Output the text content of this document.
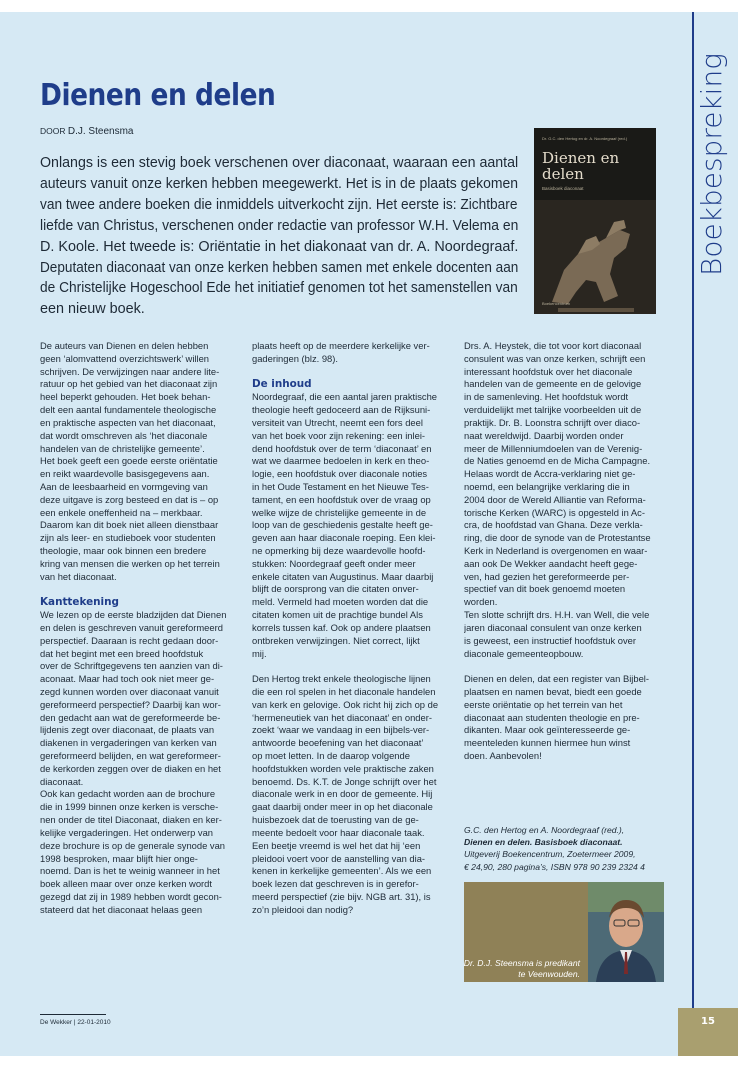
Boekbespreking
Dienen en delen
DOOR D.J. Steensma
Onlangs is een stevig boek verschenen over diaconaat, waaraan een aantal
auteurs vanuit onze kerken hebben meegewerkt. Het is in de plaats gekomen
van twee andere boeken die inmiddels uitverkocht zijn. Het eerste is: Zichtbare
liefde van Christus, verschenen onder redactie van professor W.H. Velema en
D. Koole. Het tweede is: Oriëntatie in het diakonaat van dr. A. Noordegraaf.
Deputaten diaconaat van onze kerken hebben samen met enkele docenten aan
de Christelijke Hogeschool Ede het initiatief genomen tot het samenstellen van
een nieuw boek.
Dr. G.C. den Hertog en dr. A. Noordegraaf (red.)
Dienen en delen
Basisboek diaconaat
Boekencentrum
De auteurs van Dienen en delen hebben
geen ‘alomvattend overzichtswerk’ willen
schrijven. De verwijzingen naar andere lite-
ratuur op het gebied van het diaconaat zijn
heel beperkt gehouden. Het boek behan-
delt een aantal fundamentele theologische
en praktische aspecten van het diaconaat,
dat wordt omschreven als ‘het diaconale
handelen van de christelijke gemeente’.
Het boek geeft een goede eerste oriëntatie
en reikt waardevolle basisgegevens aan.
Aan de leesbaarheid en vormgeving van
deze uitgave is zorg besteed en dat is – op
een enkele oneffenheid na – merkbaar.
Daarom kan dit boek niet alleen dienstbaar
zijn als leer- en studieboek voor studenten
theologie, maar ook binnen een bredere
kring van mensen die werken op het terrein
van het diaconaat.
Kanttekening
We lezen op de eerste bladzijden dat Dienen
en delen is geschreven vanuit gereformeerd
perspectief. Daaraan is recht gedaan door-
dat het begint met een breed hoofdstuk
over de Schriftgegevens ten aanzien van di-
aconaat. Maar had toch ook niet meer ge-
zegd kunnen worden over diaconaat vanuit
gereformeerd perspectief? Daarbij kan wor-
den gedacht aan wat de gereformeerde be-
lijdenis zegt over diaconaat, de plaats van
diakenen in vergaderingen van kerken van
gereformeerd belijden, en wat gereformeer-
de kerkorden zeggen over de diaken en het
diaconaat.
Ook kan gedacht worden aan de brochure
die in 1999 binnen onze kerken is versche-
nen onder de titel Diaconaat, diaken en ker-
kelijke vergaderingen. Het onderwerp van
deze brochure is op de generale synode van
1998 besproken, maar blijft hier onge-
noemd. Dan is het te weinig wanneer in het
boek alleen maar over onze kerken wordt
gezegd dat zij in 1989 hebben wordt gecon-
stateerd dat het diaconaat helaas geen
plaats heeft op de meerdere kerkelijke ver-
gaderingen (blz. 98).
De inhoud
Noordegraaf, die een aantal jaren praktische
theologie heeft gedoceerd aan de Rijksuni-
versiteit van Utrecht, neemt een fors deel
van het boek voor zijn rekening: een inlei-
dend hoofdstuk over de term ‘diaconaat’ en
wat we daarmee bedoelen in kerk en theo-
logie, een hoofdstuk over diaconale noties
in het Oude Testament en het Nieuwe Tes-
tament, en een hoofdstuk over de vraag op
welke wijze de christelijke gemeente in de
loop van de geschiedenis gestalte heeft ge-
geven aan haar diaconale roeping. Een klei-
ne opmerking bij deze waardevolle hoofd-
stukken: Noordegraaf geeft onder meer
enkele citaten van Augustinus. Maar daarbij
blijft de oorsprong van die citaten onver-
meld. Vermeld had moeten worden dat die
citaten komen uit de prachtige bundel Als
korrels tussen kaf. Ook op andere plaatsen
ontbreken verwijzingen. Niet correct, lijkt
mij.
Den Hertog trekt enkele theologische lijnen
die een rol spelen in het diaconale handelen
van kerk en gelovige. Ook richt hij zich op de
‘hermeneutiek van het diaconaat’ en onder-
zoekt ‘waar we vandaag in een bijbels-ver-
antwoorde beoefening van het diaconaat’
op moet letten. In de daarop volgende
hoofdstukken worden vele praktische zaken
benoemd. Ds. K.T. de Jonge schrijft over het
diaconale werk in en door de gemeente. Hij
gaat daarbij onder meer in op het diaconale
huisbezoek dat de toerusting van de ge-
meente bedoelt voor haar diaconale taak.
Een beetje vreemd is wel het dat hij ‘een
pleidooi voert voor de aanstelling van dia-
kenen in kerkelijke gemeenten’. Als we een
boek lezen dat geschreven is in gerefor-
meerd perspectief (zie bijv. NGB art. 31), is
zo’n pleidooi dan nodig?
Drs. A. Heystek, die tot voor kort diaconaal
consulent was van onze kerken, schrijft een
interessant hoofdstuk over het diaconale
handelen van de gemeente en de gelovige
in de samenleving. Het hoofdstuk wordt
verduidelijkt met talrijke voorbeelden uit de
praktijk. Dr. B. Loonstra schrijft over diaco-
naat wereldwijd. Daarbij worden onder
meer de Millenniumdoelen van de Verenig-
de Naties genoemd en de Micha Campagne.
Helaas wordt de Accra-verklaring niet ge-
noemd, een belangrijke verklaring die in
2004 door de Wereld Alliantie van Reforma-
torische Kerken (WARC) is opgesteld in Ac-
cra, de hoofdstad van Ghana. Deze verkla-
ring, die door de synode van de Protestantse
Kerk in Nederland is overgenomen en waar-
aan ook De Wekker aandacht heeft gege-
ven, had gezien het gereformeerde per-
spectief van dit boek genoemd moeten
worden.
Ten slotte schrijft drs. H.H. van Well, die vele
jaren diaconaal consulent van onze kerken
is geweest, een instructief hoofdstuk over
diaconale gemeenteopbouw.
Dienen en delen, dat een register van Bijbel-
plaatsen en namen bevat, biedt een goede
eerste oriëntatie op het terrein van het
diaconaat aan studenten theologie en pre-
dikanten. Maar ook geïnteresseerde ge-
meenteleden kunnen hiermee hun winst
doen. Aanbevolen!
G.C. den Hertog en A. Noordegraaf (red.),
Dienen en delen. Basisboek diaconaat.
Uitgeverij Boekencentrum, Zoetermeer 2009,
€ 24,90, 280 pagina’s, ISBN 978 90 239 2324 4
Dr. D.J. Steensma is predikant
te Veenwouden.
De Wekker | 22-01-2010	15
